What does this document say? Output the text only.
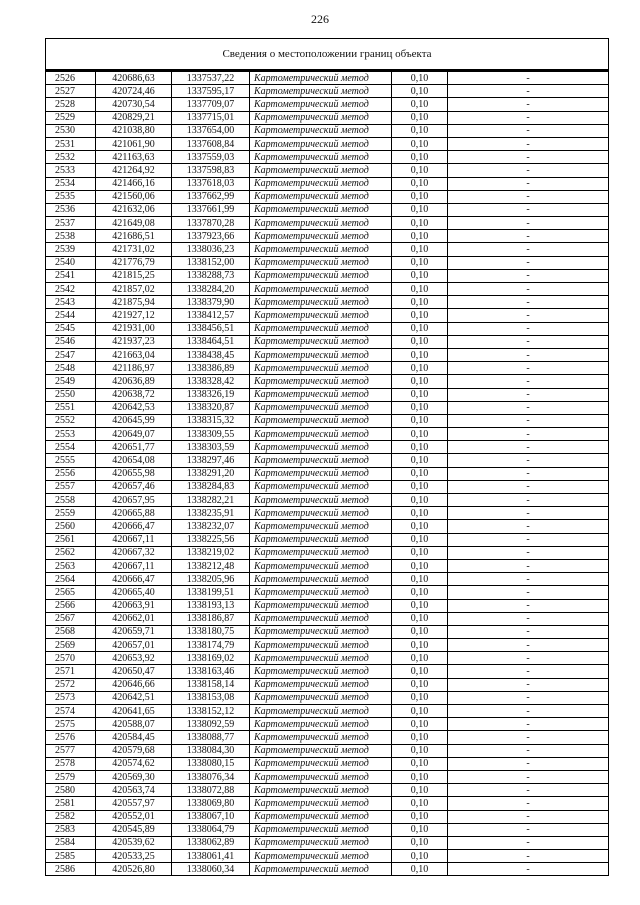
226
Сведения о местоположении границ объекта					

2526	420686,63	1337537,22	Картометрический метод	0,10	-
2527	420724,46	1337595,17	Картометрический метод	0,10	-
2528	420730,54	1337709,07	Картометрический метод	0,10	-
2529	420829,21	1337715,01	Картометрический метод	0,10	-
2530	421038,80	1337654,00	Картометрический метод	0,10	-
2531	421061,90	1337608,84	Картометрический метод	0,10	-
2532	421163,63	1337559,03	Картометрический метод	0,10	-
2533	421264,92	1337598,83	Картометрический метод	0,10	-
2534	421466,16	1337618,03	Картометрический метод	0,10	-
2535	421560,06	1337662,99	Картометрический метод	0,10	-
2536	421632,06	1337661,99	Картометрический метод	0,10	-
2537	421649,08	1337870,28	Картометрический метод	0,10	-
2538	421686,51	1337923,66	Картометрический метод	0,10	-
2539	421731,02	1338036,23	Картометрический метод	0,10	-
2540	421776,79	1338152,00	Картометрический метод	0,10	-
2541	421815,25	1338288,73	Картометрический метод	0,10	-
2542	421857,02	1338284,20	Картометрический метод	0,10	-
2543	421875,94	1338379,90	Картометрический метод	0,10	-
2544	421927,12	1338412,57	Картометрический метод	0,10	-
2545	421931,00	1338456,51	Картометрический метод	0,10	-
2546	421937,23	1338464,51	Картометрический метод	0,10	-
2547	421663,04	1338438,45	Картометрический метод	0,10	-
2548	421186,97	1338386,89	Картометрический метод	0,10	-
2549	420636,89	1338328,42	Картометрический метод	0,10	-
2550	420638,72	1338326,19	Картометрический метод	0,10	-
2551	420642,53	1338320,87	Картометрический метод	0,10	-
2552	420645,99	1338315,32	Картометрический метод	0,10	-
2553	420649,07	1338309,55	Картометрический метод	0,10	-
2554	420651,77	1338303,59	Картометрический метод	0,10	-
2555	420654,08	1338297,46	Картометрический метод	0,10	-
2556	420655,98	1338291,20	Картометрический метод	0,10	-
2557	420657,46	1338284,83	Картометрический метод	0,10	-
2558	420657,95	1338282,21	Картометрический метод	0,10	-
2559	420665,88	1338235,91	Картометрический метод	0,10	-
2560	420666,47	1338232,07	Картометрический метод	0,10	-
2561	420667,11	1338225,56	Картометрический метод	0,10	-
2562	420667,32	1338219,02	Картометрический метод	0,10	-
2563	420667,11	1338212,48	Картометрический метод	0,10	-
2564	420666,47	1338205,96	Картометрический метод	0,10	-
2565	420665,40	1338199,51	Картометрический метод	0,10	-
2566	420663,91	1338193,13	Картометрический метод	0,10	-
2567	420662,01	1338186,87	Картометрический метод	0,10	-
2568	420659,71	1338180,75	Картометрический метод	0,10	-
2569	420657,01	1338174,79	Картометрический метод	0,10	-
2570	420653,92	1338169,02	Картометрический метод	0,10	-
2571	420650,47	1338163,46	Картометрический метод	0,10	-
2572	420646,66	1338158,14	Картометрический метод	0,10	-
2573	420642,51	1338153,08	Картометрический метод	0,10	-
2574	420641,65	1338152,12	Картометрический метод	0,10	-
2575	420588,07	1338092,59	Картометрический метод	0,10	-
2576	420584,45	1338088,77	Картометрический метод	0,10	-
2577	420579,68	1338084,30	Картометрический метод	0,10	-
2578	420574,62	1338080,15	Картометрический метод	0,10	-
2579	420569,30	1338076,34	Картометрический метод	0,10	-
2580	420563,74	1338072,88	Картометрический метод	0,10	-
2581	420557,97	1338069,80	Картометрический метод	0,10	-
2582	420552,01	1338067,10	Картометрический метод	0,10	-
2583	420545,89	1338064,79	Картометрический метод	0,10	-
2584	420539,62	1338062,89	Картометрический метод	0,10	-
2585	420533,25	1338061,41	Картометрический метод	0,10	-
2586	420526,80	1338060,34	Картометрический метод	0,10	-
